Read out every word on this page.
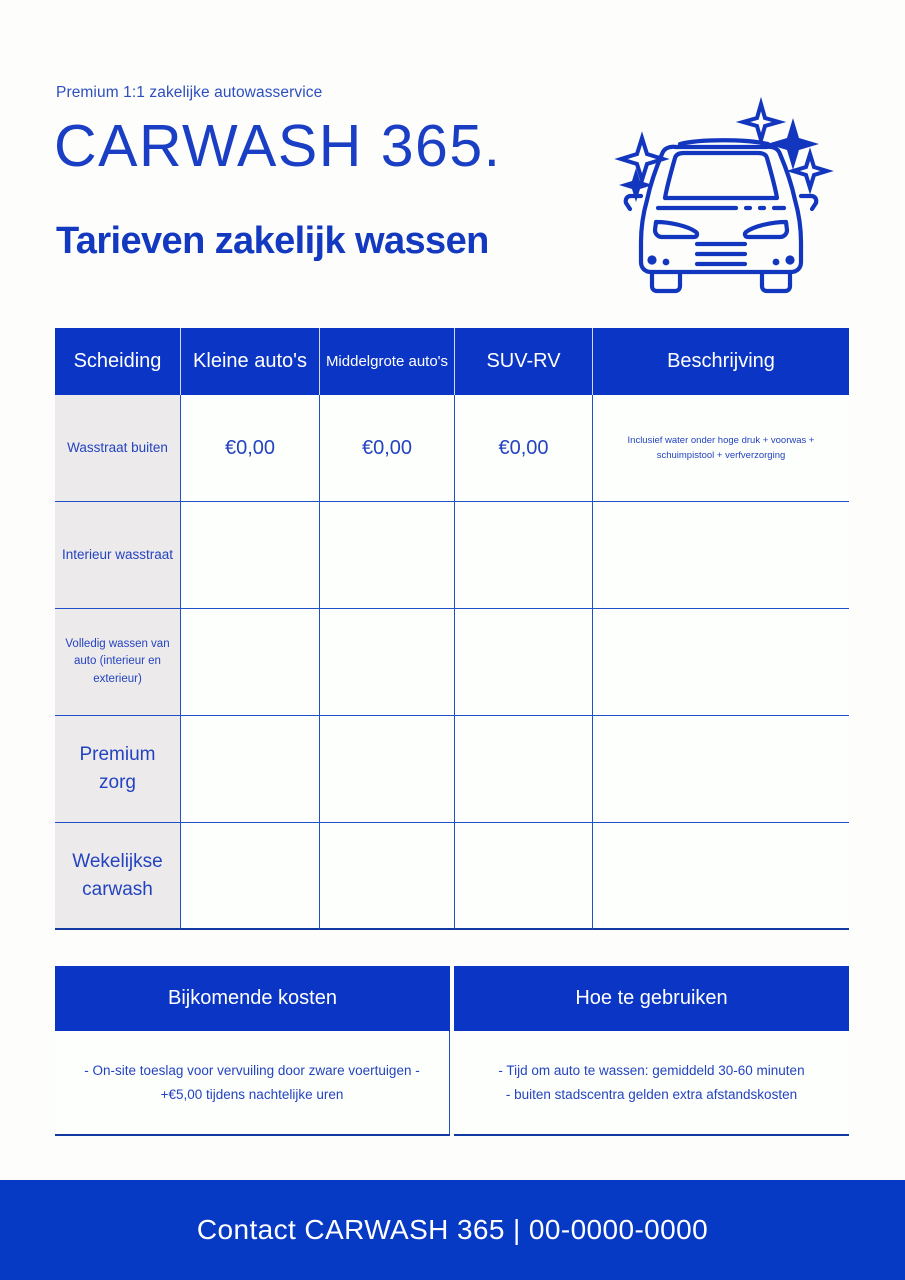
Premium 1:1 zakelijke autowasservice
CARWASH 365.
Tarieven zakelijk wassen
Scheiding	Kleine auto's	Middelgrote auto's	SUV-RV	Beschrijving
Wasstraat buiten	€0,00	€0,00	€0,00	Inclusief water onder hoge druk + voorwas + schuimpistool + verfverzorging
Interieur wasstraat
Volledig wassen van auto (interieur en exterieur)
Premium zorg
Wekelijkse carwash
Bijkomende kosten
- On-site toeslag voor vervuiling door zware voertuigen -
+€5,00 tijdens nachtelijke uren
Hoe te gebruiken
- Tijd om auto te wassen: gemiddeld 30-60 minuten
- buiten stadscentra gelden extra afstandskosten
Contact CARWASH 365 | 00-0000-0000
